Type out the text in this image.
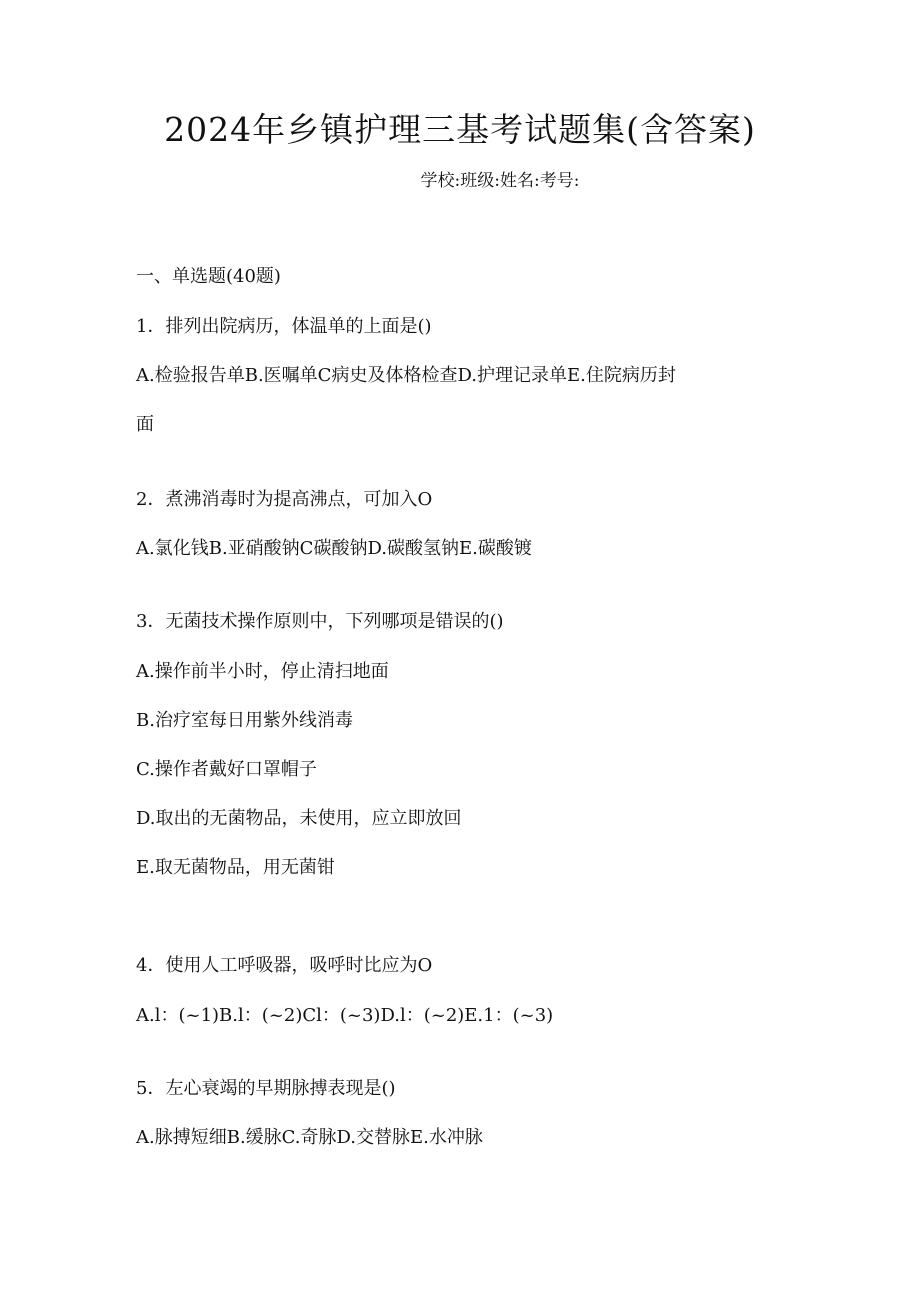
2024年乡镇护理三基考试题集(含答案)
学校:班级:姓名:考号:
一、单选题(40题)
1．排列出院病历，体温单的上面是()
A.检验报告单B.医嘱单C病史及体格检查D.护理记录单E.住院病历封
面
2．煮沸消毒时为提高沸点，可加入O
A.氯化钱B.亚硝酸钠C碳酸钠D.碳酸氢钠E.碳酸镀
3．无菌技术操作原则中，下列哪项是错误的()
A.操作前半小时，停止清扫地面
B.治疗室每日用紫外线消毒
C.操作者戴好口罩帽子
D.取出的无菌物品，未使用，应立即放回
E.取无菌物品，用无菌钳
4．使用人工呼吸器，吸呼时比应为O
A.l：(~1)B.l：(~2)Cl：(~3)D.l：(~2)E.1：(~3)
5．左心衰竭的早期脉搏表现是()
A.脉搏短细B.缓脉C.奇脉D.交替脉E.水冲脉
